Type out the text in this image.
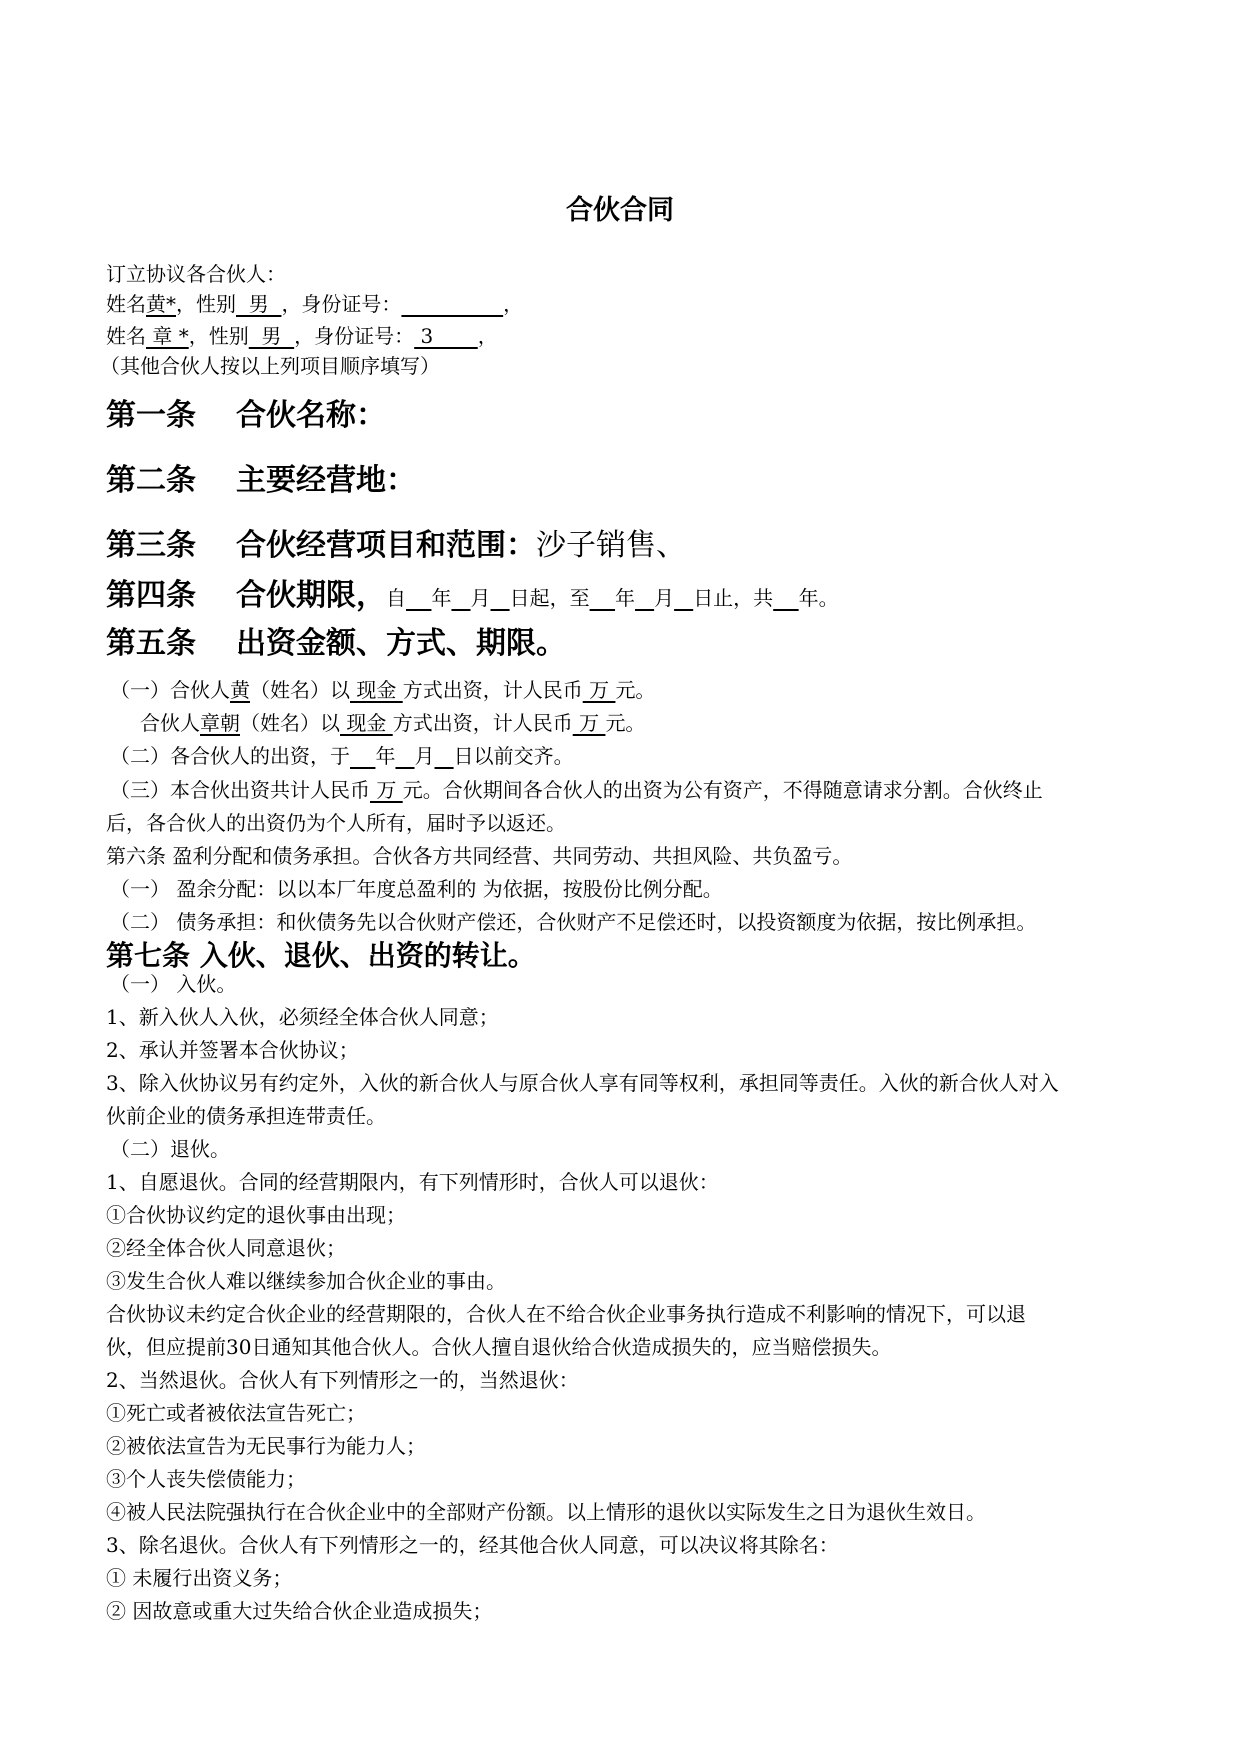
合伙合同
订立协议各合伙人：
姓名黄*，性别  男  ，身份证号：	，
姓名 章 *，性别  男  ，身份证号： 3       ，
（其他合伙人按以上列项目顺序填写）
第一条 合伙名称：
第二条 主要经营地：
第三条 合伙经营项目和范围：沙子销售、
第四条 合伙期限，自 年 月 日起，至 年 月 日止，共 年。
第五条 出资金额、方式、期限。
（一）合伙人黄（姓名）以 现金 方式出资，计人民币 万 元。
合伙人章朝（姓名）以 现金 方式出资，计人民币 万 元。
（二）各合伙人的出资，于 年 月 日以前交齐。
（三）本合伙出资共计人民币 万 元。合伙期间各合伙人的出资为公有资产，不得随意请求分割。合伙终止
后，各合伙人的出资仍为个人所有，届时予以返还。
第六条 盈利分配和债务承担。合伙各方共同经营、共同劳动、共担风险、共负盈亏。
（一） 盈余分配：以以本厂年度总盈利的 为依据，按股份比例分配。
（二） 债务承担：和伙债务先以合伙财产偿还，合伙财产不足偿还时，以投资额度为依据，按比例承担。
第七条 入伙、退伙、出资的转让。
（一） 入伙。
1、新入伙人入伙，必须经全体合伙人同意；
2、承认并签署本合伙协议；
3、除入伙协议另有约定外，入伙的新合伙人与原合伙人享有同等权利，承担同等责任。入伙的新合伙人对入
伙前企业的债务承担连带责任。
（二）退伙。
1、自愿退伙。合同的经营期限内，有下列情形时，合伙人可以退伙：
①合伙协议约定的退伙事由出现；
②经全体合伙人同意退伙；
③发生合伙人难以继续参加合伙企业的事由。
合伙协议未约定合伙企业的经营期限的，合伙人在不给合伙企业事务执行造成不利影响的情况下，可以退
伙，但应提前30日通知其他合伙人。合伙人擅自退伙给合伙造成损失的，应当赔偿损失。
2、当然退伙。合伙人有下列情形之一的，当然退伙：
①死亡或者被依法宣告死亡；
②被依法宣告为无民事行为能力人；
③个人丧失偿债能力；
④被人民法院强执行在合伙企业中的全部财产份额。以上情形的退伙以实际发生之日为退伙生效日。
3、除名退伙。合伙人有下列情形之一的，经其他合伙人同意，可以决议将其除名：
① 未履行出资义务；
② 因故意或重大过失给合伙企业造成损失；
